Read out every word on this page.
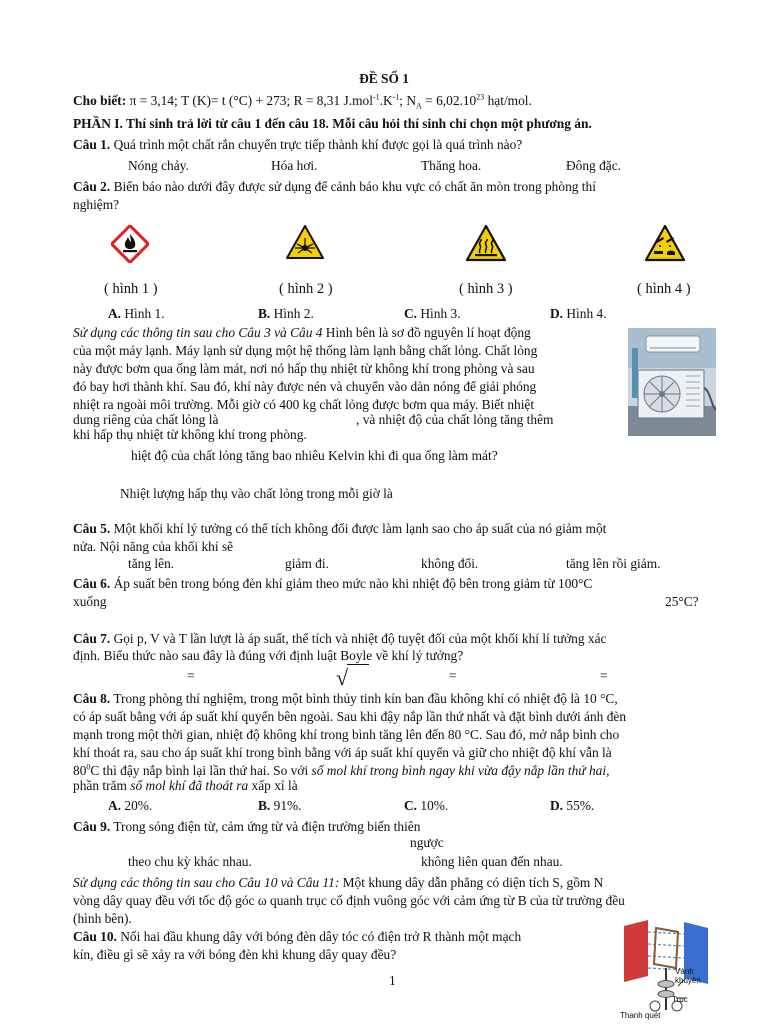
ĐỀ SỐ 1
Cho biết: π = 3,14; T (K)= t (°C) + 273; R = 8,31 $J.mol^{-1}.K^{-1}$; $N_A = 6,02.10^{23}$ hạt/mol.
PHẦN I. Thí sinh trả lời từ câu 1 đến câu 18. Mỗi câu hỏi thí sinh chỉ chọn một phương án.
Câu 1. Quá trình một chất rắn chuyển trực tiếp thành khí được gọi là quá trình nào?
Nóng chảy.	Hóa hơi.	Thăng hoa.	Đông đặc.
Câu 2. Biển báo nào dưới đây được sử dụng để cảnh báo khu vực có chất ăn mòn trong phòng thí
nghiệm?
( hình 1 )	( hình 2 )	( hình 3 )	( hình 4 )
A. Hình 1.	B. Hình 2.	C. Hình 3.	D. Hình 4.
Sử dụng các thông tin sau cho Câu 3 và Câu 4 Hình bên là sơ đồ nguyên lí hoạt động
của một máy lạnh. Máy lạnh sử dụng một hệ thống làm lạnh bằng chất lỏng. Chất lỏng
này được bơm qua ống làm mát, nơi nó hấp thụ nhiệt từ không khí trong phòng và sau
đó bay hơi thành khí. Sau đó, khí này được nén và chuyển vào dàn nóng để giải phóng
nhiệt ra ngoài môi trường. Mỗi giờ có 400 kg chất lỏng được bơm qua máy. Biết nhiệt
dung riêng của chất lỏng là	, và nhiệt độ của chất lỏng tăng thêm
khi hấp thụ nhiệt từ không khí trong phòng.
hiệt độ của chất lỏng tăng bao nhiêu Kelvin khi đi qua ống làm mát?
Nhiệt lượng hấp thụ vào chất lỏng trong mỗi giờ là
Câu 5. Một khối khí lý tưởng có thể tích không đổi được làm lạnh sao cho áp suất của nó giảm một
nửa. Nội năng của khối khí sẽ
tăng lên.	giảm đi.	không đổi.	tăng lên rồi giảm.
Câu 6. Áp suất bên trong bóng đèn khí giảm theo mức nào khi nhiệt độ bên trong giảm từ 100°C
xuống	25°C?
Câu 7. Gọi p, V và T lần lượt là áp suất, thể tích và nhiệt độ tuyệt đối của một khối khí lí tưởng xác
định. Biểu thức nào sau đây là đúng với định luật Boyle về khí lý tưởng?
=	√	=	=
Câu 8. Trong phòng thí nghiệm, trong một bình thủy tinh kín ban đầu không khí có nhiệt độ là 10 °C,
có áp suất bằng với áp suất khí quyển bên ngoài. Sau khi đậy nắp lần thứ nhất và đặt bình dưới ánh đèn
mạnh trong một thời gian, nhiệt độ không khí trong bình tăng lên đến 80 °C. Sau đó, mở nắp bình cho
khí thoát ra, sau cho áp suất khí trong bình bằng với áp suất khí quyển và giữ cho nhiệt độ khí vẫn là
$80^0C$ thì đậy nắp bình lại lần thứ hai. So với số mol khí trong bình ngay khi vừa đậy nắp lần thứ hai,
phần trăm số mol khí đã thoát ra xấp xỉ là
A. 20%.	B. 91%.	C. 10%.	D. 55%.
Câu 9. Trong sóng điện từ, cảm ứng từ và điện trường biến thiên
ngược
theo chu kỳ khác nhau.	không liên quan đến nhau.
Sử dụng các thông tin sau cho Câu 10 và Câu 11: Một khung dây dẫn phẳng có diện tích S, gồm N
vòng dây quay đều với tốc độ góc ω quanh trục cố định vuông góc với cảm ứng từ B của từ trường đều
(hình bên).
Câu 10. Nối hai đầu khung dây với bóng đèn dây tóc có điện trở R thành một mạch
kín, điều gì sẽ xảy ra với bóng đèn khi khung dây quay đều?
Vành
khuyên
Trục
Thanh quét
1
